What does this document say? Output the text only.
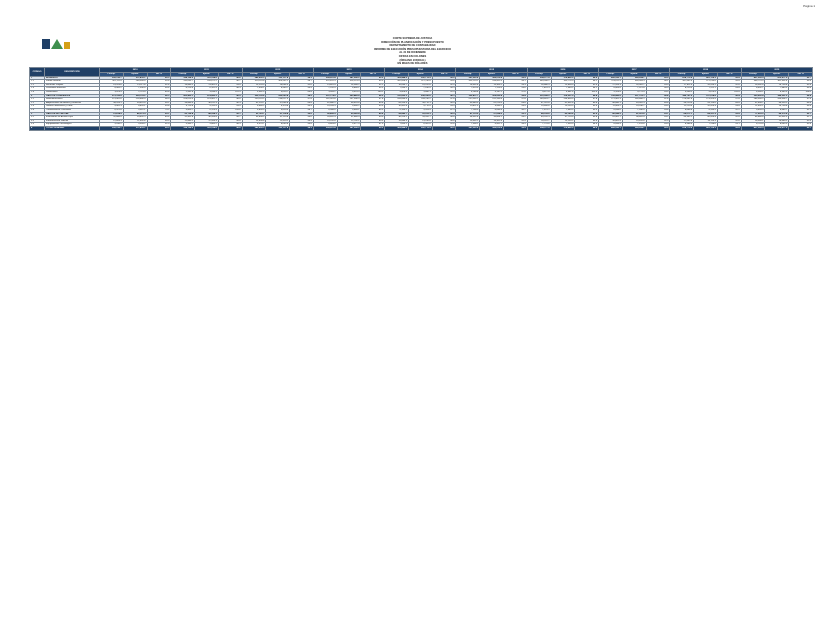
Página 1
CORTE SUPREMA DE JUSTICIA
DIRECCIÓN DE PLANIFICACIÓN Y PRESUPUESTO
DEPARTAMENTO DE CONTABILIDAD
INFORME DE EJECUCIÓN PRESUPUESTARIA DEL EJERCICIO
AL 31 DE DICIEMBRE
CIFRAS EN COLONES
(ÓRGANO JUDICIAL)
EN MILES DE DÓLARES
CÓDIGO	DESCRIPCIÓN	2010			2011			2012			2013			2014			2015			2016			2017			2018			2019		
		Presup.	Ejecut.	Var. %	Presup.	Ejecut.	Var. %	Presup.	Ejecut.	Var. %	Presup.	Ejecut.	Var. %	Presup.	Ejecut.	Var. %	Presup.	Ejecut.	Var. %	Presup.	Ejecut.	Var. %	Presup.	Ejecut.	Var. %	Presup.	Ejecut.	Var. %	Presup.	Ejecut.	Var. %
1	INGRESOS	326,745.7	311,432.1	95.3	334,128.5	322,914.6	96.6	345,902.3	333,117.8	96.3	358,201.4	341,006.2	95.2	369,488.0	352,713.9	95.5	381,522.6	366,010.4	95.9	394,117.8	378,402.5	96.0	405,930.1	389,204.7	95.9	418,772.6	401,116.3	95.8	431,205.9	412,877.0	95.7
1.1	Fondo General	301,112.4	288,004.9	95.6	310,045.7	299,871.2	96.7	320,114.8	309,552.1	96.7	331,870.3	316,223.4	95.3	342,006.5	327,110.8	95.6	353,220.1	339,402.6	96.1	364,908.2	350,776.0	96.1	375,611.4	360,904.3	96.1	387,402.9	371,233.6	95.8	398,770.5	381,902.4	95.8
1.2	Recursos Propios	14,203.6	13,117.8	92.4	14,880.2	13,902.5	93.4	15,220.9	14,004.3	92.0	15,601.4	14,388.2	92.2	16,044.7	14,912.6	92.9	16,402.8	15,300.1	93.3	16,880.5	15,604.9	92.4	17,204.3	16,002.7	93.0	17,611.0	16,310.2	92.6	18,002.6	16,700.8	92.8
1.3	Préstamos Externos	8,400.2	7,590.0	90.4	6,210.0	6,102.4	98.3	7,004.1	6,540.7	93.4	7,220.5	6,880.1	95.3	7,430.2	7,010.4	94.3	7,610.9	7,120.5	93.6	7,801.3	7,340.2	94.1	8,004.6	7,521.8	94.0	8,210.5	7,702.1	93.8	8,402.7	7,880.3	93.8
1.4	Donaciones	3,029.5	2,719.4	89.8	2,992.6	3,038.5	101.5	3,562.5	3,020.7	84.8	3,509.2	3,514.5	100.2	4,006.6	3,680.1	91.9	4,288.8	4,187.2	97.6	4,527.8	4,681.4	103.4	5,109.8	4,775.9	93.5	5,548.2	5,870.4	105.8	6,030.1	6,393.5	106.0
2	GASTOS CORRIENTES	275,330.8	265,118.2	96.3	283,402.1	274,660.3	96.9	292,118.6	282,003.4	96.5	301,774.9	290,445.8	96.2	310,602.3	299,180.6	96.3	320,411.7	309,002.4	96.4	330,008.2	318,221.9	96.4	339,880.6	327,703.1	96.4	349,701.5	337,014.8	96.4	359,602.4	346,501.2	96.4
2.1	Remuneraciones	221,402.6	216,880.4	98.0	228,010.3	223,402.7	98.0	235,114.2	230,017.5	97.8	242,301.8	237,006.9	97.8	249,660.4	244,110.2	97.8	257,002.1	251,330.8	97.8	264,418.7	258,604.5	97.8	271,902.3	265,880.1	97.8	279,401.6	273,203.4	97.8	286,990.2	280,604.7	97.8
2.2	Adquisiciones de Bienes y Servicios	38,204.1	34,410.6	90.1	39,880.5	36,012.3	90.3	41,220.7	37,004.8	89.8	42,880.2	38,410.6	89.6	44,204.9	39,770.1	90.0	45,880.3	41,220.5	89.8	47,210.8	42,402.6	89.8	48,880.1	43,902.3	89.8	50,220.4	45,110.6	89.8	51,804.7	46,530.2	89.8
2.3	Gastos Financieros y Otros	9,402.3	8,820.1	93.8	9,710.6	9,120.4	93.9	9,980.2	9,370.6	93.9	10,204.5	9,580.2	93.9	10,402.8	9,770.4	93.9	10,611.3	9,960.2	93.9	10,804.6	10,150.3	93.9	11,004.2	10,330.7	93.9	11,210.9	10,520.4	93.8	11,402.1	10,700.6	93.8
2.4	Transferencias Corrientes	6,321.8	5,007.1	79.2	5,800.7	6,124.9	105.6	5,803.5	5,610.5	96.7	6,388.4	5,448.1	85.3	6,334.2	5,529.9	87.3	7,198.0	6,490.9	90.2	7,574.1	7,064.5	93.3	8,094.0	7,590.0	93.8	8,868.6	8,180.4	92.2	9,405.4	8,665.7	92.1
3	GASTOS DE CAPITAL	51,414.9	46,313.9	90.1	50,726.4	48,254.3	95.1	53,783.7	51,114.4	95.0	56,426.5	50,560.4	89.6	58,885.7	53,533.3	90.9	61,110.9	57,008.0	93.3	64,109.6	60,180.6	93.9	66,049.5	61,501.6	93.1	69,071.1	64,101.5	92.8	71,603.5	66,375.8	92.7
3.1	Inversiones en Activos Fijos	32,880.4	29,402.1	89.4	31,902.6	30,204.8	94.7	33,804.2	32,110.6	95.0	35,402.9	31,880.4	90.0	36,910.2	33,520.7	90.8	38,402.6	35,804.1	93.2	40,220.3	37,710.5	93.8	41,402.7	38,602.4	93.2	43,302.1	40,204.6	92.8	44,880.6	41,602.3	92.7
3.2	Infraestructura Judicial	12,604.3	11,402.6	90.5	12,880.1	12,204.3	94.8	13,604.8	12,910.2	94.9	14,220.6	12,702.1	89.3	14,880.3	13,510.6	90.8	15,402.2	14,302.8	92.9	16,110.7	15,130.2	93.9	16,602.4	15,420.6	92.9	17,402.6	16,110.3	92.6	18,004.1	16,680.2	92.6
3.3	Equipamiento Tecnológico	5,930.2	5,509.2	92.9	5,943.7	5,845.2	98.3	6,374.7	6,093.6	95.6	6,803.0	5,977.9	87.9	7,095.2	6,502.0	91.6	7,306.1	6,901.1	94.5	7,778.6	7,339.9	94.4	8,044.4	7,478.6	93.0	8,366.4	7,786.6	93.1	8,718.8	8,093.3	92.8
4	TOTAL GENERAL	326,745.7	311,432.1	95.3	334,128.5	322,914.6	96.6	345,902.3	333,117.8	96.3	358,201.4	341,006.2	95.2	369,488.0	352,713.9	95.5	381,522.6	366,010.4	95.9	394,117.8	378,402.5	96.0	405,930.1	389,204.7	95.9	418,772.6	401,116.3	95.8	431,205.9	412,877.0	95.7
